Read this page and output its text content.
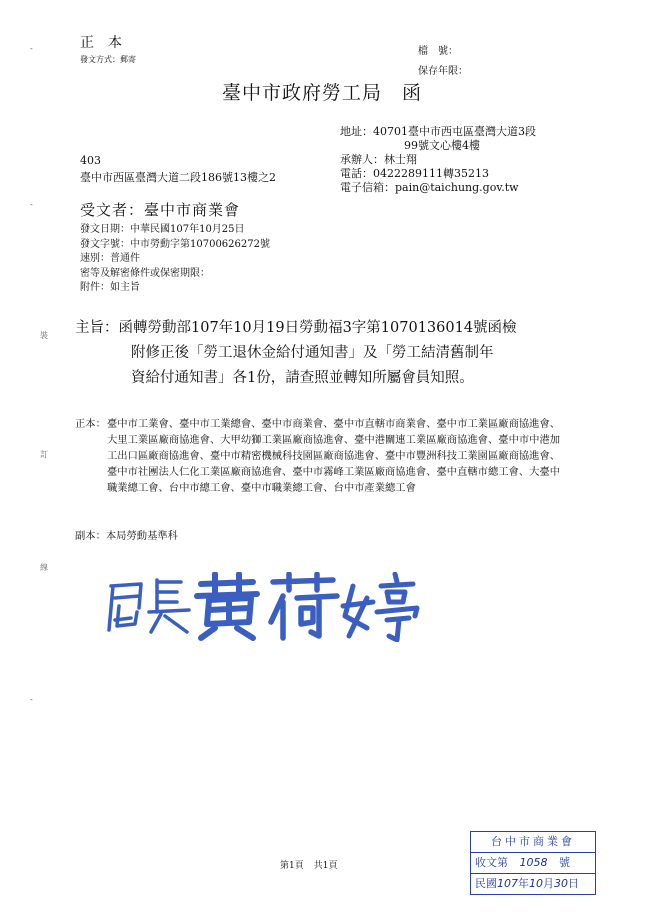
正本
發文方式：郵寄
檔　號：
保存年限：
臺中市政府勞工局 函
地址：40701臺中市西屯區臺灣大道3段
99號文心樓4樓
承辦人：林士翔
電話：0422289111轉35213
電子信箱：pain@taichung.gov.tw
403
臺中市西區臺灣大道二段186號13樓之2
受文者：臺中市商業會
發文日期：中華民國107年10月25日
發文字號：中市勞動字第10700626272號
速別：普通件
密等及解密條件或保密期限：
附件：如主旨
裝
訂
線
-
-
-
主旨：函轉勞動部107年10月19日勞動福3字第1070136014號函檢
附修正後「勞工退休金給付通知書」及「勞工結清舊制年
資給付通知書」各1份，請查照並轉知所屬會員知照。
正本： 臺中市工業會、臺中市工業總會、臺中市商業會、臺中市直轄市商業會、臺中市工業區廠商協進會、大里工業區廠商協進會、大甲幼獅工業區廠商協進會、臺中港關連工業區廠商協進會、臺中市中港加工出口區廠商協進會、臺中市精密機械科技園區廠商協進會、臺中市豐洲科技工業園區廠商協進會、臺中市社團法人仁化工業區廠商協進會、臺中市霧峰工業區廠商協進會、臺中直轄市總工會、大臺中職業總工會、台中市總工會、臺中市職業總工會、台中市產業總工會
副本：本局勞動基準科
第1頁 共1頁
台中市商業會
收文第 1058 號
民國107年10月30日
